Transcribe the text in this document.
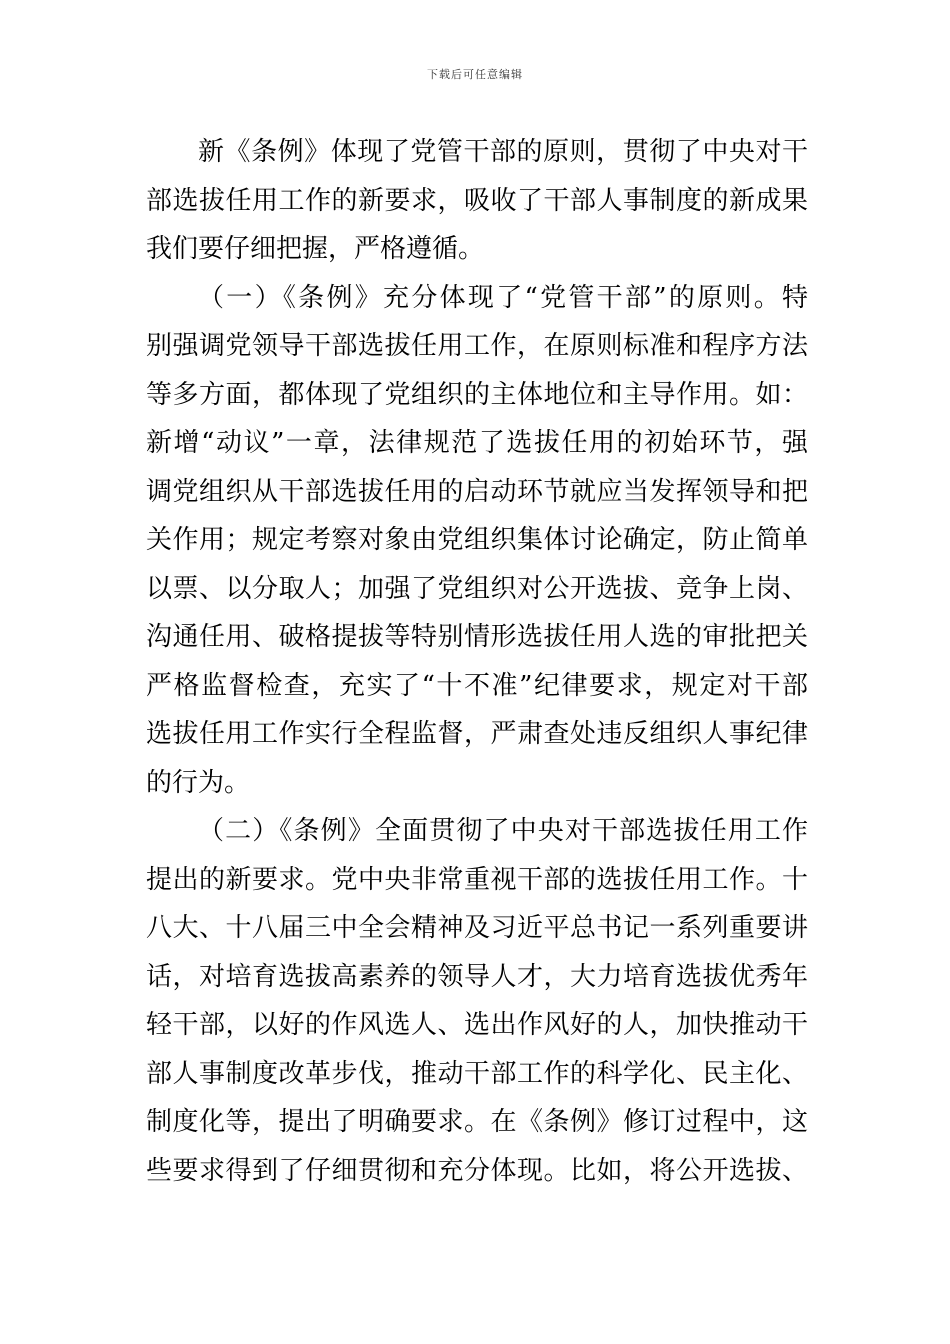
下载后可任意编辑
新《条例》体现了党管干部的原则，贯彻了中央对干
部选拔任用工作的新要求，吸收了干部人事制度的新成果
我们要仔细把握，严格遵循。
（一）《条例》充分体现了“党管干部”的原则。特
别强调党领导干部选拔任用工作，在原则标准和程序方法
等多方面，都体现了党组织的主体地位和主导作用。如：
新增“动议”一章，法律规范了选拔任用的初始环节，强
调党组织从干部选拔任用的启动环节就应当发挥领导和把
关作用；规定考察对象由党组织集体讨论确定，防止简单
以票、以分取人；加强了党组织对公开选拔、竞争上岗、
沟通任用、破格提拔等特别情形选拔任用人选的审批把关
严格监督检查，充实了“十不准”纪律要求，规定对干部
选拔任用工作实行全程监督，严肃查处违反组织人事纪律
的行为。
（二）《条例》全面贯彻了中央对干部选拔任用工作
提出的新要求。党中央非常重视干部的选拔任用工作。十
八大、十八届三中全会精神及习近平总书记一系列重要讲
话，对培育选拔高素养的领导人才，大力培育选拔优秀年
轻干部，以好的作风选人、选出作风好的人，加快推动干
部人事制度改革步伐，推动干部工作的科学化、民主化、
制度化等，提出了明确要求。在《条例》修订过程中，这
些要求得到了仔细贯彻和充分体现。比如，将公开选拔、
